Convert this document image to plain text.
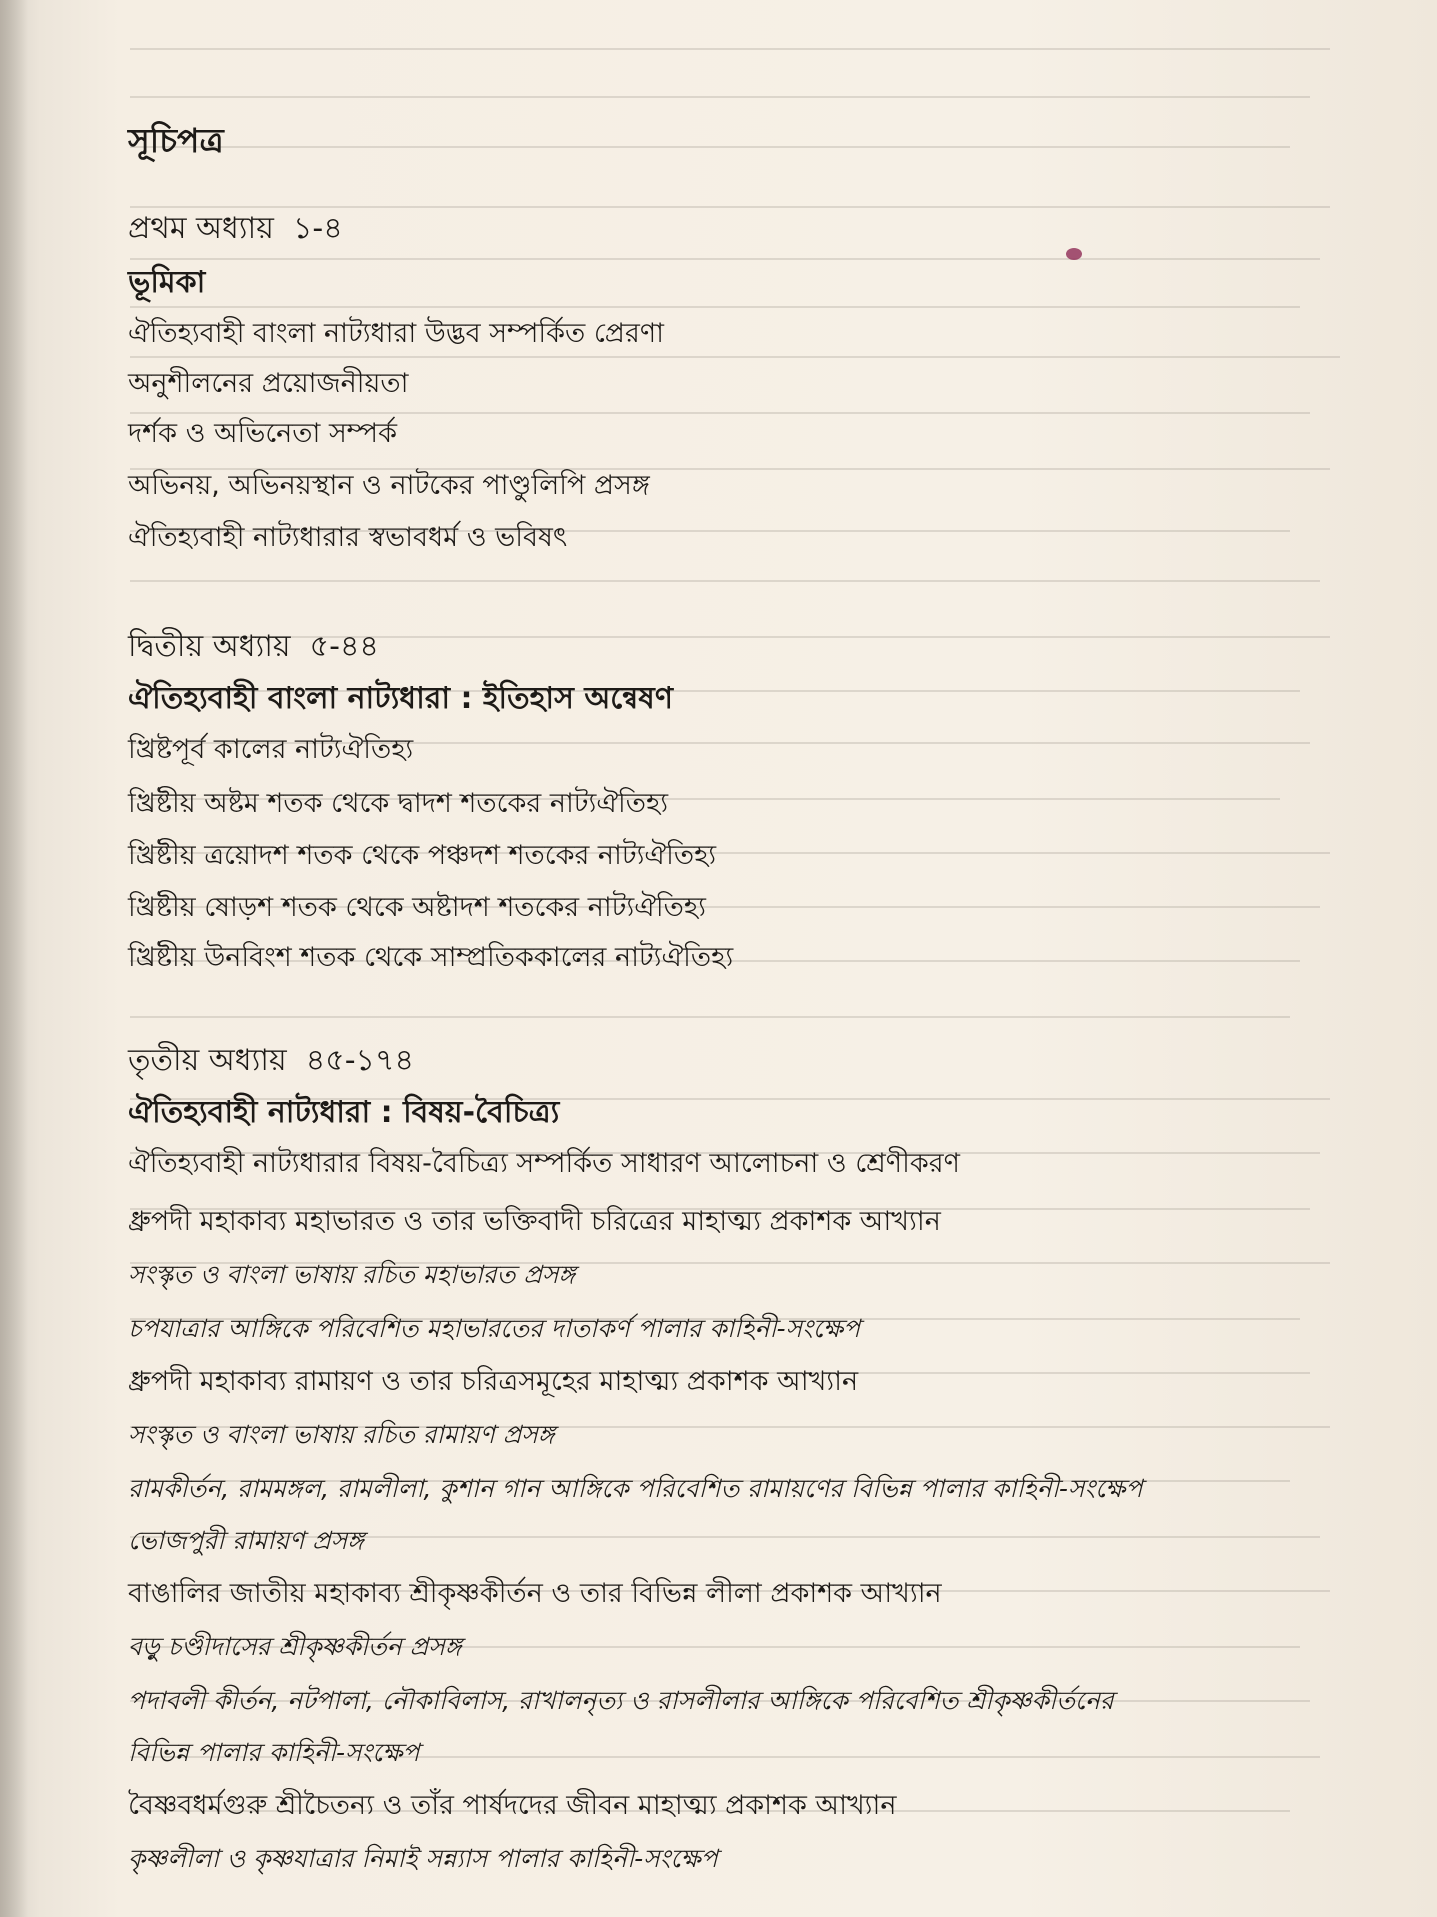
সূচিপত্র
প্রথম অধ্যায় ১-৪
ভূমিকা
ঐতিহ্যবাহী বাংলা নাট্যধারা উদ্ভব সম্পর্কিত প্রেরণা
অনুশীলনের প্রয়োজনীয়তা
দর্শক ও অভিনেতা সম্পর্ক
অভিনয়, অভিনয়স্থান ও নাটকের পাণ্ডুলিপি প্রসঙ্গ
ঐতিহ্যবাহী নাট্যধারার স্বভাবধর্ম ও ভবিষৎ
দ্বিতীয় অধ্যায় ৫-৪৪
ঐতিহ্যবাহী বাংলা নাট্যধারা : ইতিহাস অন্বেষণ
খ্রিষ্টপূর্ব কালের নাট্যঐতিহ্য
খ্রিষ্টীয় অষ্টম শতক থেকে দ্বাদশ শতকের নাট্যঐতিহ্য
খ্রিষ্টীয় ত্রয়োদশ শতক থেকে পঞ্চদশ শতকের নাট্যঐতিহ্য
খ্রিষ্টীয় ষোড়শ শতক থেকে অষ্টাদশ শতকের নাট্যঐতিহ্য
খ্রিষ্টীয় উনবিংশ শতক থেকে সাম্প্রতিককালের নাট্যঐতিহ্য
তৃতীয় অধ্যায় ৪৫-১৭৪
ঐতিহ্যবাহী নাট্যধারা : বিষয়-বৈচিত্র্য
ঐতিহ্যবাহী নাট্যধারার বিষয়-বৈচিত্র্য সম্পর্কিত সাধারণ আলোচনা ও শ্রেণীকরণ
ধ্রুপদী মহাকাব্য মহাভারত ও তার ভক্তিবাদী চরিত্রের মাহাত্ম্য প্রকাশক আখ্যান
সংস্কৃত ও বাংলা ভাষায় রচিত মহাভারত প্রসঙ্গ
চপযাত্রার আঙ্গিকে পরিবেশিত মহাভারতের দাতাকর্ণ পালার কাহিনী-সংক্ষেপ
ধ্রুপদী মহাকাব্য রামায়ণ ও তার চরিত্রসমূহের মাহাত্ম্য প্রকাশক আখ্যান
সংস্কৃত ও বাংলা ভাষায় রচিত রামায়ণ প্রসঙ্গ
রামকীর্তন, রামমঙ্গল, রামলীলা, কুশান গান আঙ্গিকে পরিবেশিত রামায়ণের বিভিন্ন পালার কাহিনী-সংক্ষেপ
ভোজপুরী রামায়ণ প্রসঙ্গ
বাঙালির জাতীয় মহাকাব্য শ্রীকৃষ্ণকীর্তন ও তার বিভিন্ন লীলা প্রকাশক আখ্যান
বড়ু চণ্ডীদাসের শ্রীকৃষ্ণকীর্তন প্রসঙ্গ
পদাবলী কীর্তন, নটপালা, নৌকাবিলাস, রাখালনৃত্য ও রাসলীলার আঙ্গিকে পরিবেশিত শ্রীকৃষ্ণকীর্তনের
বিভিন্ন পালার কাহিনী-সংক্ষেপ
বৈষ্ণবধর্মগুরু শ্রীচৈতন্য ও তাঁর পার্ষদদের জীবন মাহাত্ম্য প্রকাশক আখ্যান
কৃষ্ণলীলা ও কৃষ্ণযাত্রার নিমাই সন্ন্যাস পালার কাহিনী-সংক্ষেপ
